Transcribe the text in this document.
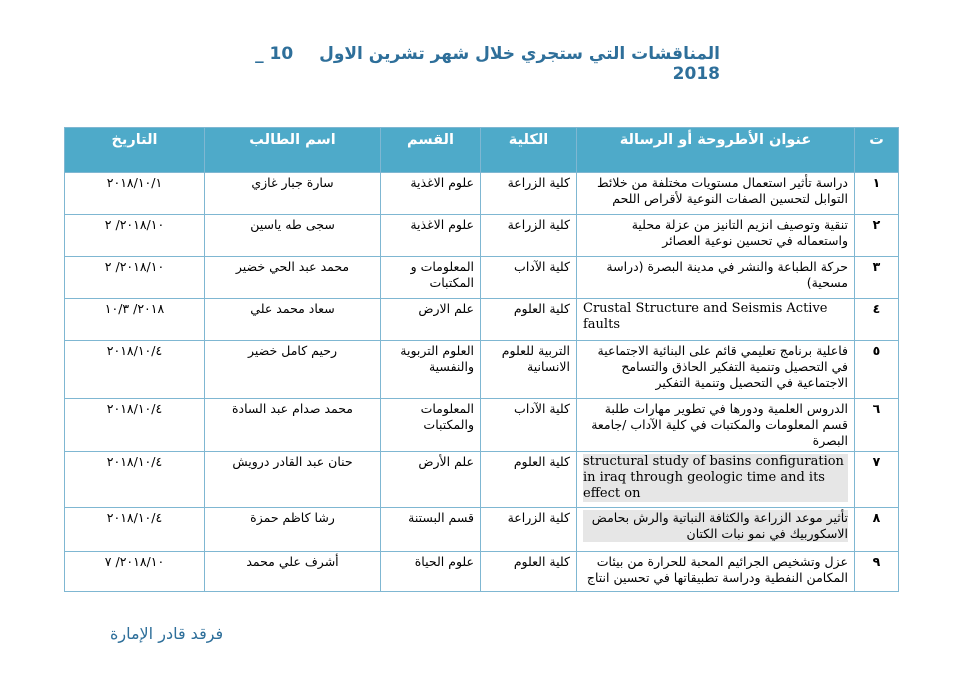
المناقشات التي ستجري خلال شهر تشرين الاول 10 _ 2018
ت	عنوان الأطروحة أو الرسالة	الكلية	القسم	اسم الطالب	التاريخ
١	دراسة تأثير استعمال مستويات مختلفة من خلائط التوابل لتحسين الصفات النوعية لأقراص اللحم	كلية الزراعة	علوم الاغذية	سارة جبار غازي	٢٠١٨/١٠/١
٢	تنقية وتوصيف انزيم التانيز من عزلة محلية واستعماله في تحسين نوعية العصائر	كلية الزراعة	علوم الاغذية	سجى طه ياسين	٢٠١٨/١٠/ ٢
٣	حركة الطباعة والنشر في مدينة البصرة (دراسة مسحية)	كلية الآداب	المعلومات و المكتبات	محمد عبد الحي خضير	٢٠١٨/١٠/ ٢
٤	Crustal Structure and Seismis Active faults	كلية العلوم	علم الارض	سعاد محمد علي	٢٠١٨/ ١٠/٣
٥	فاعلية برنامج تعليمي قائم على البنائية الاجتماعية في التحصيل وتنمية التفكير الحاذق والتسامح الاجتماعية في التحصيل وتنمية التفكير	التربية للعلوم الانسانية	العلوم التربوية والنفسية	رحيم كامل خضير	٢٠١٨/١٠/٤
٦	الدروس العلمية ودورها في تطوير مهارات طلبة قسم المعلومات والمكتبات في كلية الآداب /جامعة البصرة	كلية الآداب	المعلومات والمكتبات	محمد صدام عبد السادة	٢٠١٨/١٠/٤
٧	structural study of basins configuration in iraq through geologic time and its effect on	كلية العلوم	علم الأرض	حنان عبد القادر درويش	٢٠١٨/١٠/٤
٨	تأثير موعد الزراعة والكثافة النباتية والرش بحامض الاسكوربيك في نمو نبات الكتان	كلية الزراعة	قسم البستنة	رشا كاظم حمزة	٢٠١٨/١٠/٤
٩	عزل وتشخيص الجرائيم المحبة للحرارة من بيئات المكامن النفطية ودراسة تطبيقاتها في تحسين انتاج	كلية العلوم	علوم الحياة	أشرف علي محمد	٢٠١٨/١٠/ ٧
فرقد قادر الإمارة
